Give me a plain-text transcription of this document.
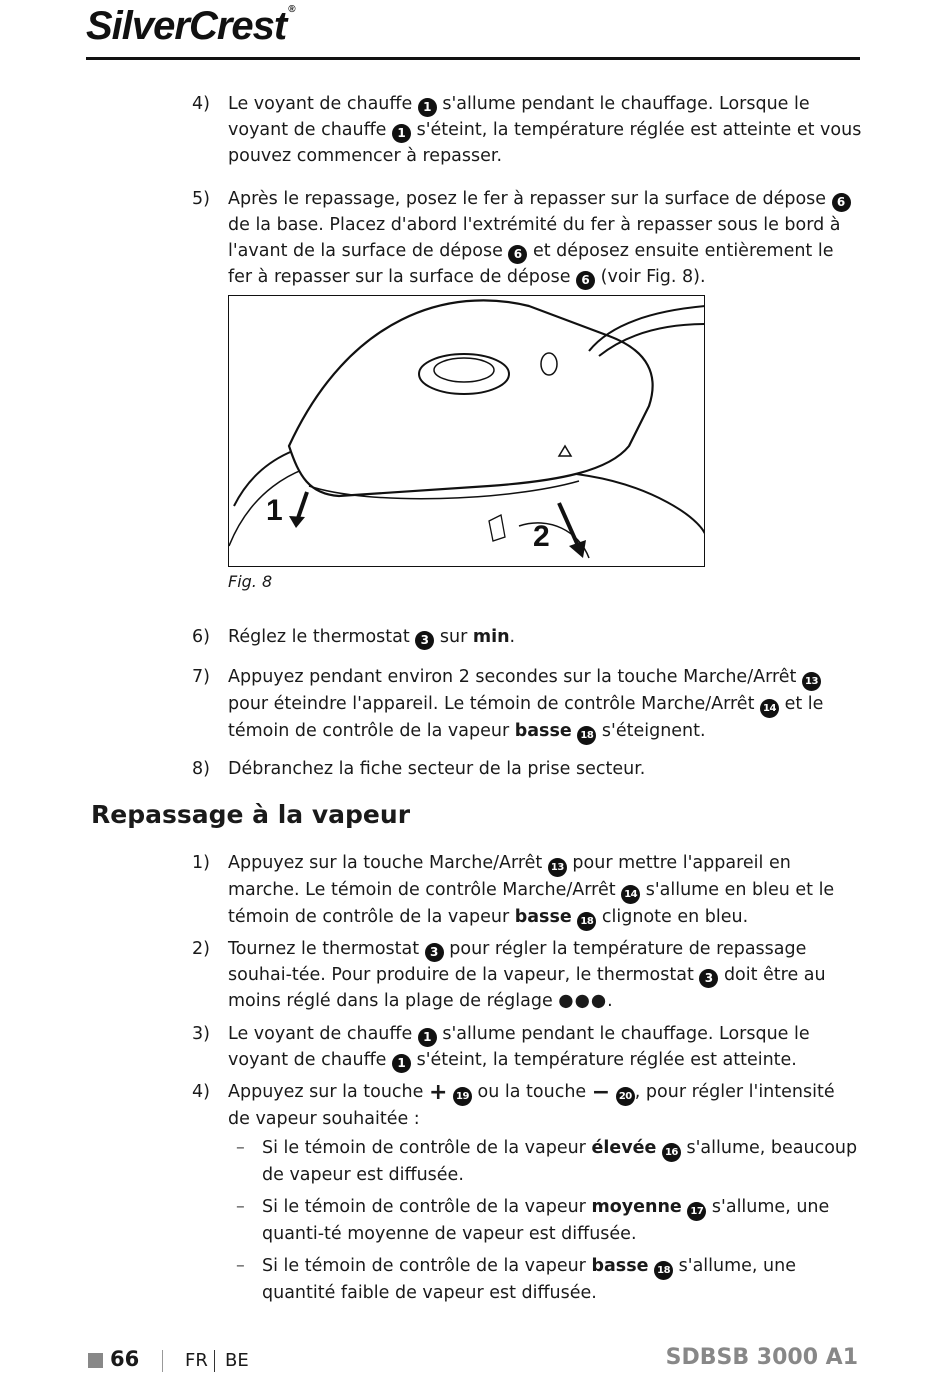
SilverCrest ®
4) Le voyant de chauffe 1 s'allume pendant le chauffage. Lorsque le voyant de chauffe 1 s'éteint, la température réglée est atteinte et vous pouvez commencer à repasser.
5) Après le repassage, posez le fer à repasser sur la surface de dépose 6 de la base. Placez d'abord l'extrémité du fer à repasser sous le bord à l'avant de la surface de dépose 6 et déposez ensuite entièrement le fer à repasser sur la surface de dépose 6 (voir Fig. 8).
1
2
Fig. 8
6) Réglez le thermostat 3 sur min.
7) Appuyez pendant environ 2 secondes sur la touche Marche/Arrêt 13 pour éteindre l'appareil. Le témoin de contrôle Marche/Arrêt 14 et le témoin de contrôle de la vapeur basse 18 s'éteignent.
8) Débranchez la fiche secteur de la prise secteur.
Repassage à la vapeur
1) Appuyez sur la touche Marche/Arrêt 13 pour mettre l'appareil en marche. Le témoin de contrôle Marche/Arrêt 14 s'allume en bleu et le témoin de contrôle de la vapeur basse 18 clignote en bleu.
2) Tournez le thermostat 3 pour régler la température de repassage souhai-tée. Pour produire de la vapeur, le thermostat 3 doit être au moins réglé dans la plage de réglage ●●●.
3) Le voyant de chauffe 1 s'allume pendant le chauffage. Lorsque le voyant de chauffe 1 s'éteint, la température réglée est atteinte.
4) Appuyez sur la touche + 19 ou la touche − 20 , pour régler l'intensité de vapeur souhaitée :
– Si le témoin de contrôle de la vapeur élevée 16 s'allume, beaucoup de vapeur est diffusée.
– Si le témoin de contrôle de la vapeur moyenne 17 s'allume, une quanti-té moyenne de vapeur est diffusée.
– Si le témoin de contrôle de la vapeur basse 18 s'allume, une quantité faible de vapeur est diffusée.
66	FR BE	SDBSB 3000 A1
